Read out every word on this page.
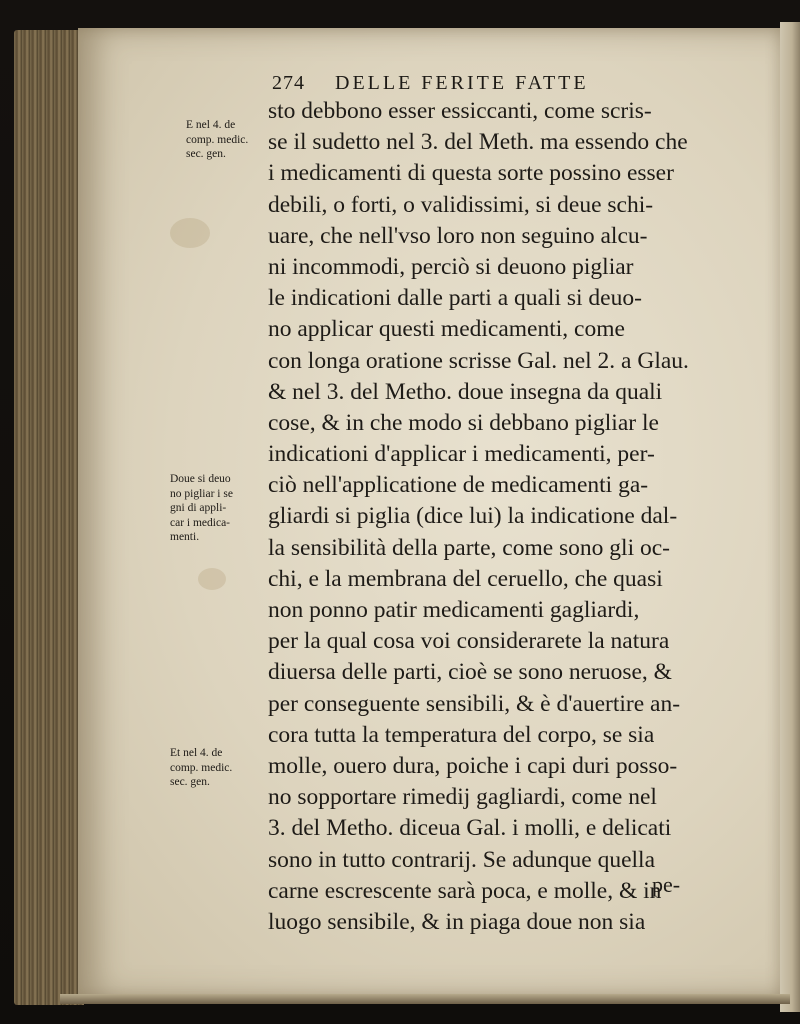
274 DELLE FERITE FATTE
sto debbono esser essiccanti, come scris-
se il sudetto nel 3. del Meth. ma essendo che
i medicamenti di questa sorte possino esser
debili, o forti, o validissimi, si deue schi-
uare, che nell'vso loro non seguino alcu-
ni incommodi, perciò si deuono pigliar
le indicationi dalle parti a quali si deuo-
no applicar questi medicamenti, come
con longa oratione scrisse Gal. nel 2. a Glau.
& nel 3. del Metho. doue insegna da quali
cose, & in che modo si debbano pigliar le
indicationi d'applicar i medicamenti, per-
ciò nell'applicatione de medicamenti ga-
gliardi si piglia (dice lui) la indicatione dal-
la sensibilità della parte, come sono gli oc-
chi, e la membrana del ceruello, che quasi
non ponno patir medicamenti gagliardi,
per la qual cosa voi considerarete la natura
diuersa delle parti, cioè se sono neruose, &
per conseguente sensibili, & è d'auertire an-
cora tutta la temperatura del corpo, se sia
molle, ouero dura, poiche i capi duri posso-
no sopportare rimedij gagliardi, come nel
3. del Metho. diceua Gal. i molli, e delicati
sono in tutto contrarij. Se adunque quella
carne escrescente sarà poca, e molle, & in
luogo sensibile, & in piaga doue non sia
pe-
E nel 4. de
comp. medic.
sec. gen.
Doue si deuo
no pigliar i se
gni di appli-
car i medica-
menti.
Et nel 4. de
comp. medic.
sec. gen.
